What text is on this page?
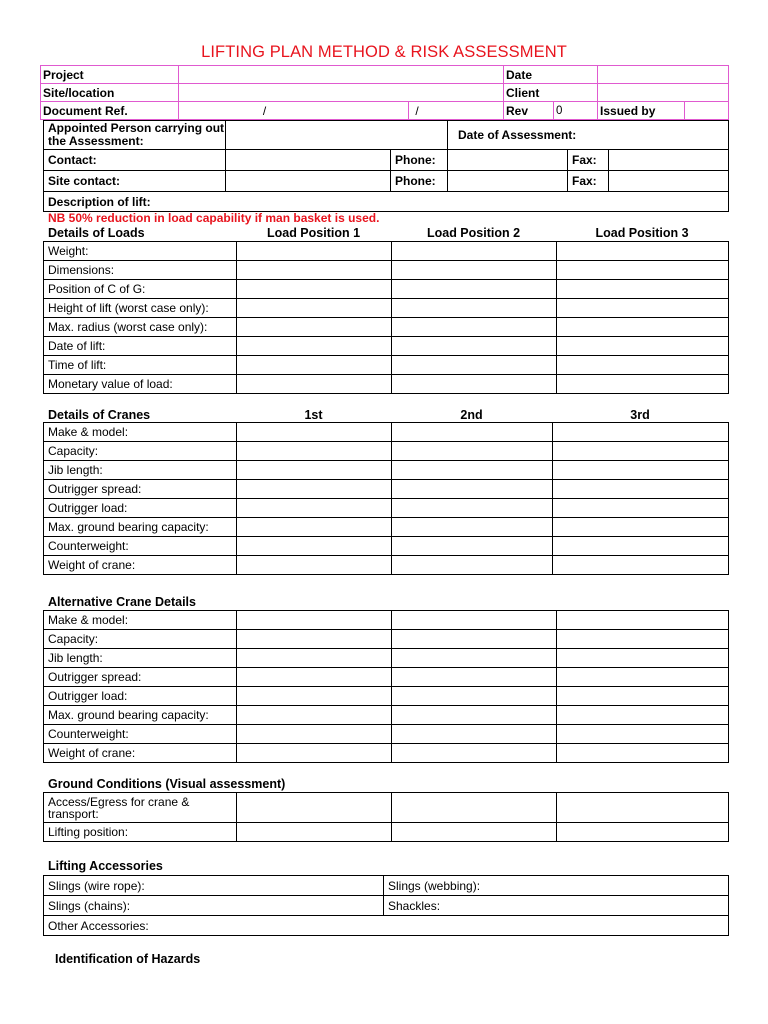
LIFTING PLAN METHOD & RISK ASSESSMENT
Project			Date			
Site/location			Client			
Document Ref.	/	/	Rev	0	Issued by	
Appointed Person carrying out the Assessment:			Date of Assessment:		
Contact:		Phone:		Fax:	
Site contact:		Phone:		Fax:	
Description of lift:					
NB 50% reduction in load capability if man basket is used.
Details of Loads	Load Position 1	Load Position 2	Load Position 3
Weight:			
Dimensions:			
Position of C of G:			
Height of lift (worst case only):			
Max. radius (worst case only):			
Date of lift:			
Time of lift:			
Monetary value of load:			
Details of Cranes	1st	2nd	3rd
Make & model:			
Capacity:			
Jib length:			
Outrigger spread:			
Outrigger load:			
Max. ground bearing capacity:			
Counterweight:			
Weight of crane:			
Alternative Crane Details
Make & model:			
Capacity:			
Jib length:			
Outrigger spread:			
Outrigger load:			
Max. ground bearing capacity:			
Counterweight:			
Weight of crane:			
Ground Conditions (Visual assessment)
Access/Egress for crane & transport:			
Lifting position:			
Lifting Accessories
Slings (wire rope):	Slings (webbing):
Slings (chains):	Shackles:
Other Accessories:	
Identification of Hazards
